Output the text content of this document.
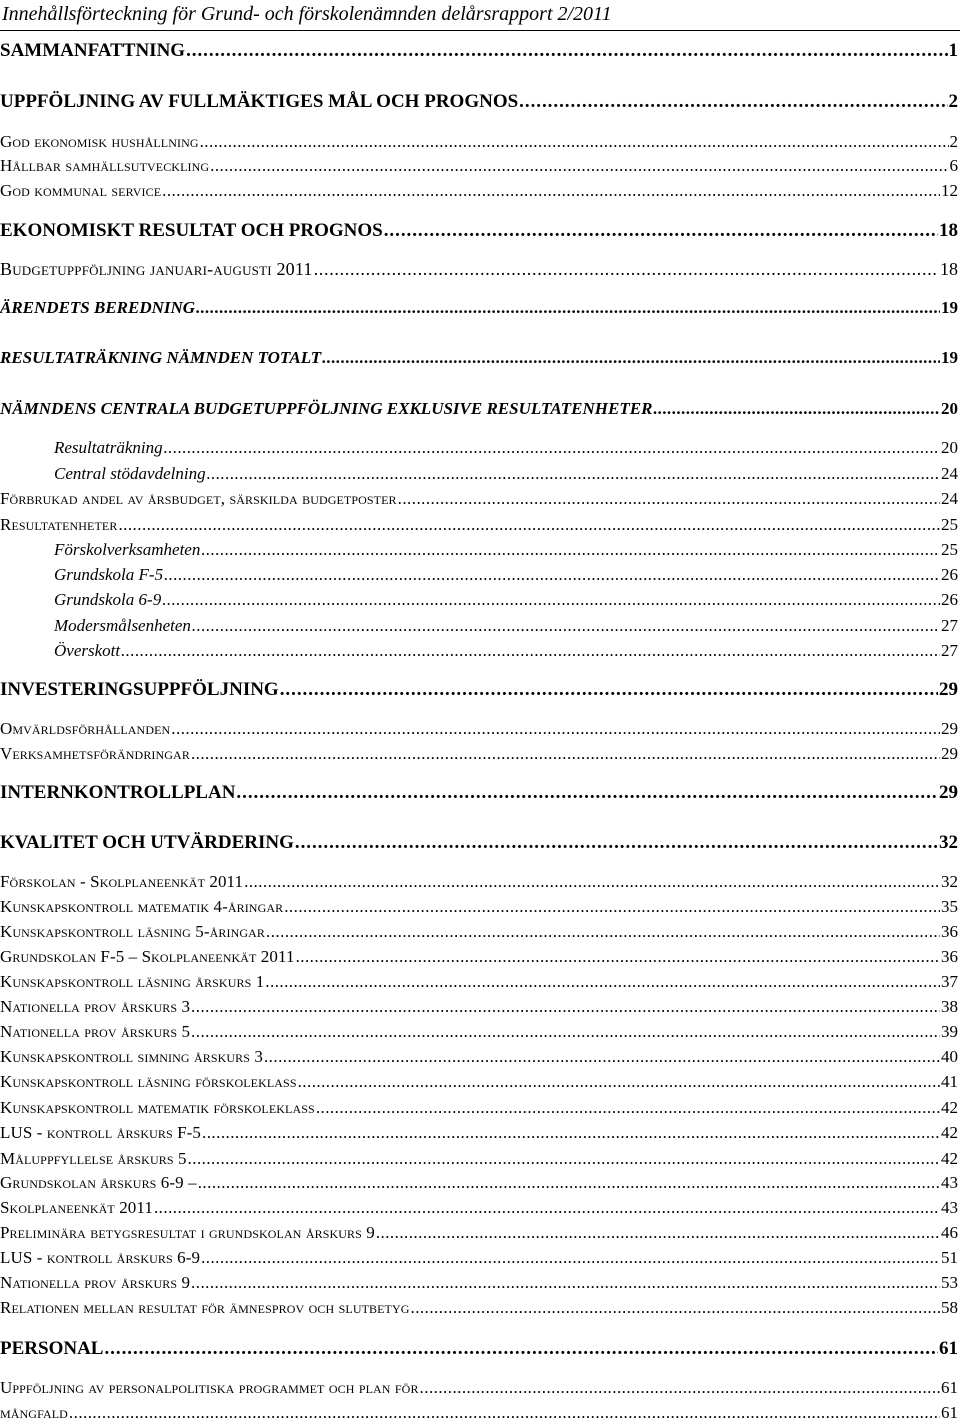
Innehållsförteckning för Grund- och förskolenämnden delårsrapport 2/2011
SAMMANFATTNING . . .	1
UPPFÖLJNING AV FULLMÄKTIGES MÅL OCH PROGNOS . . .	2
God ekonomisk hushållning . . .	2
Hållbar samhällsutveckling . . .	6
God kommunal service . . .	12
EKONOMISKT RESULTAT OCH PROGNOS . . .	18
Budgetuppföljning januari-augusti 2011 . . .	18
ÄRENDETS BEREDNING . . .	19
RESULTATRÄKNING NÄMNDEN TOTALT . . .	19
NÄMNDENS CENTRALA BUDGETUPPFÖLJNING EXKLUSIVE RESULTATENHETER . . .	20
Resultaträkning . . .	20
Central stödavdelning . . .	24
Förbrukad andel av årsbudget, särskilda budgetposter . . .	24
Resultatenheter . . .	25
Förskolverksamheten . . .	25
Grundskola F-5 . . .	26
Grundskola 6-9 . . .	26
Modersmålsenheten . . .	27
Överskott . . .	27
INVESTERINGSUPPFÖLJNING . . .	29
Omvärldsförhållanden . . .	29
Verksamhetsförändringar . . .	29
INTERNKONTROLLPLAN . . .	29
KVALITET OCH UTVÄRDERING . . .	32
Förskolan - Skolplaneenkät 2011 . . .	32
Kunskapskontroll matematik 4-åringar . . .	35
Kunskapskontroll läsning 5-åringar . . .	36
Grundskolan F-5 – Skolplaneenkät 2011 . . .	36
Kunskapskontroll läsning årskurs 1 . . .	37
Nationella prov årskurs 3 . . .	38
Nationella prov årskurs 5 . . .	39
Kunskapskontroll simning årskurs 3 . . .	40
Kunskapskontroll läsning förskoleklass . . .	41
Kunskapskontroll matematik förskoleklass . . .	42
LUS - kontroll årskurs F-5 . . .	42
Måluppfyllelse årskurs 5 . . .	42
Grundskolan årskurs 6-9 – . . .	43
Skolplaneenkät 2011 . . .	43
Preliminära betygsresultat i grundskolan årskurs 9 . . .	46
LUS - kontroll årskurs 6-9 . . .	51
Nationella prov årskurs 9 . . .	53
Relationen mellan resultat för ämnesprov och slutbetyg . . .	58
PERSONAL . . .	61
Uppföljning av personalpolitiska programmet och plan för . . .	61
mångfald . . .	61
